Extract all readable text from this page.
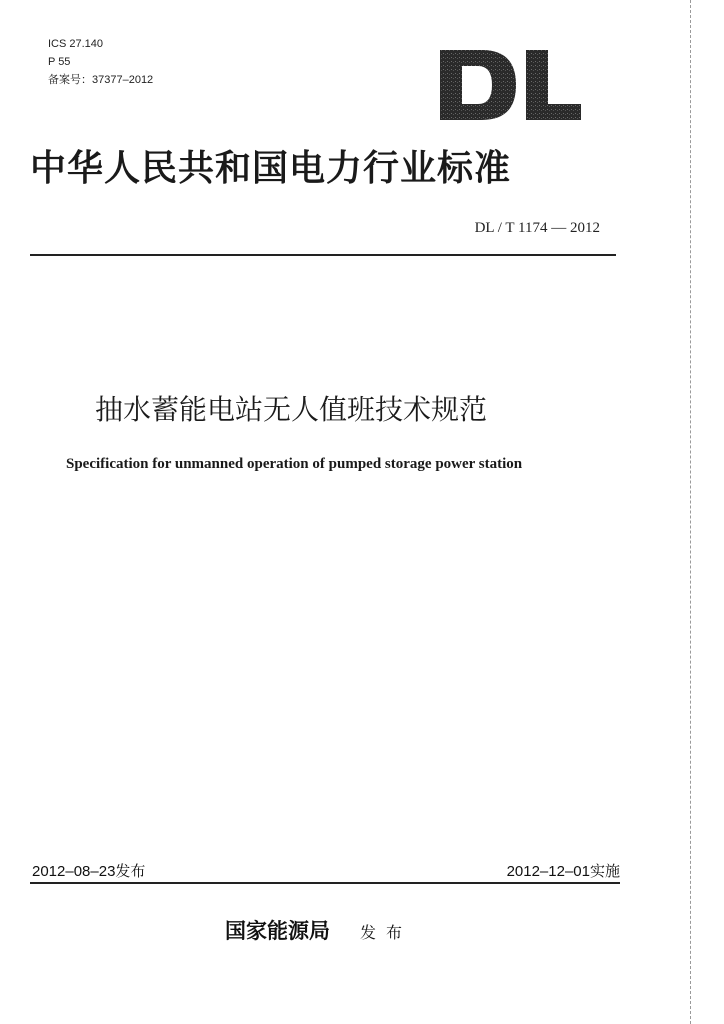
ICS 27.140
P 55
备案号：37377–2012
中华人民共和国电力行业标准
DL / T 1174 — 2012
抽水蓄能电站无人值班技术规范
Specification for unmanned operation of pumped storage power station
2012–08–23发布	2012–12–01实施
国家能源局 发布
